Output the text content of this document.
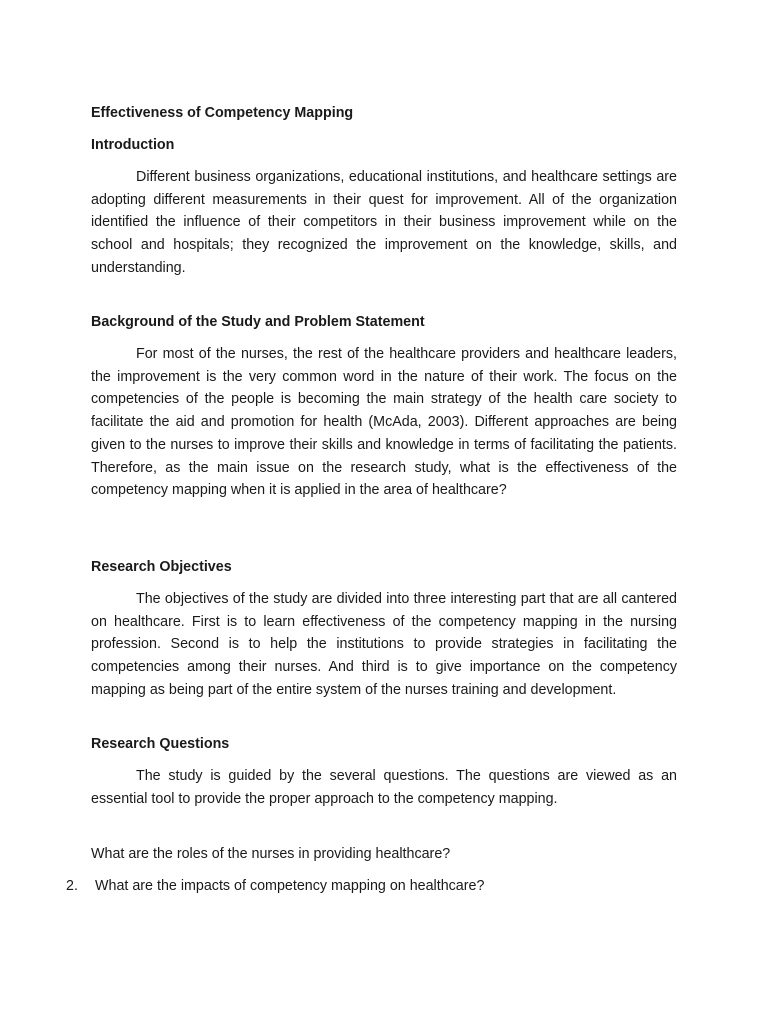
Effectiveness of Competency Mapping
Introduction

Different business organizations, educational institutions, and healthcare settings are adopting different measurements in their quest for improvement. All of the organization identified the influence of their competitors in their business improvement while on the school and hospitals; they recognized the improvement on the knowledge, skills, and understanding.

Background of the Study and Problem Statement

For most of the nurses, the rest of the healthcare providers and healthcare leaders, the improvement is the very common word in the nature of their work. The focus on the competencies of the people is becoming the main strategy of the health care society to facilitate the aid and promotion for health (McAda, 2003). Different approaches are being given to the nurses to improve their skills and knowledge in terms of facilitating the patients. Therefore, as the main issue on the research study, what is the effectiveness of the competency mapping when it is applied in the area of healthcare?

Research Objectives

The objectives of the study are divided into three interesting part that are all cantered on healthcare. First is to learn effectiveness of the competency mapping in the nursing profession. Second is to help the institutions to provide strategies in facilitating the competencies among their nurses. And third is to give importance on the competency mapping as being part of the entire system of the nurses training and development.

Research Questions

The study is guided by the several questions. The questions are viewed as an essential tool to provide the proper approach to the competency mapping.

What are the roles of the nurses in providing healthcare?

2. What are the impacts of competency mapping on healthcare?
